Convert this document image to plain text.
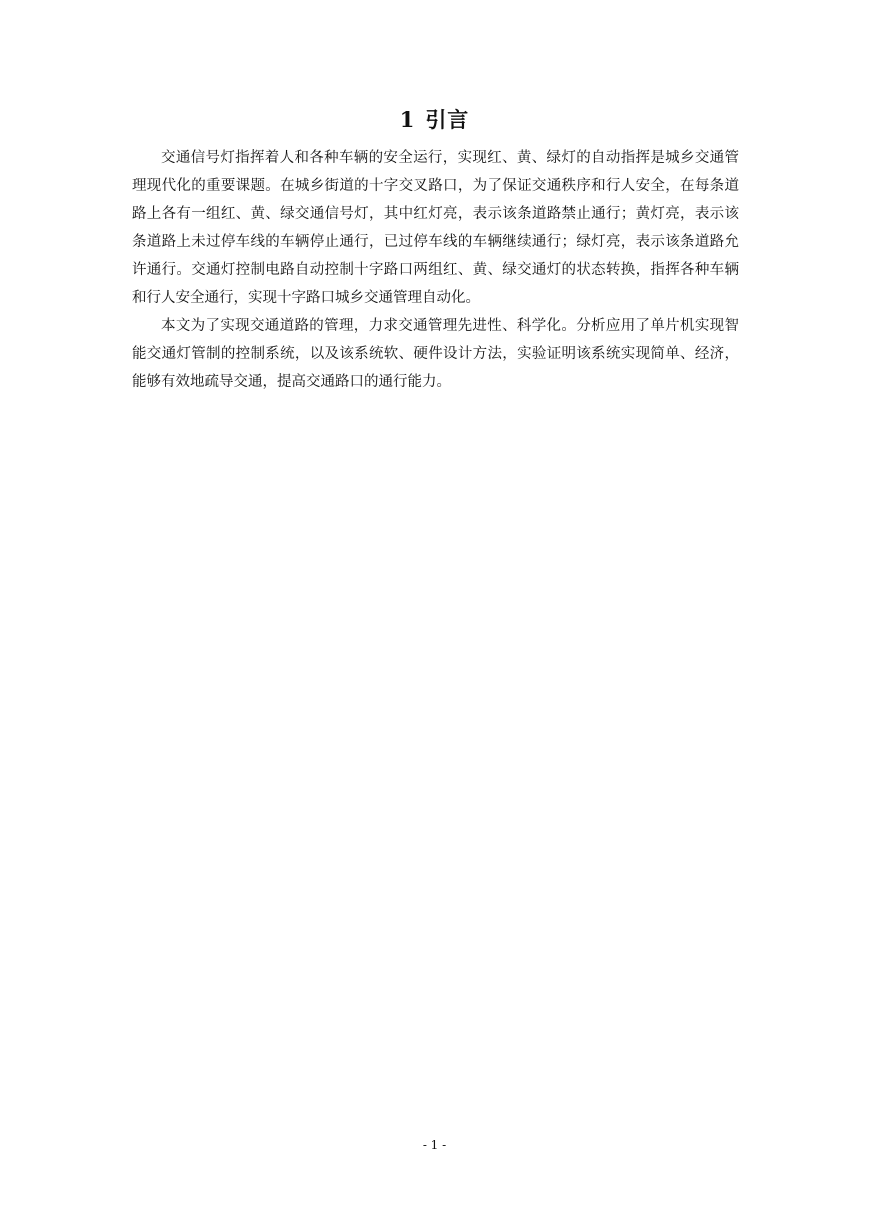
1 引言

交通信号灯指挥着人和各种车辆的安全运行，实现红、黄、绿灯的自动指挥是城乡交通管理现代化的重要课题。在城乡街道的十字交叉路口，为了保证交通秩序和行人安全，在每条道路上各有一组红、黄、绿交通信号灯，其中红灯亮，表示该条道路禁止通行；黄灯亮，表示该条道路上未过停车线的车辆停止通行，已过停车线的车辆继续通行；绿灯亮，表示该条道路允许通行。交通灯控制电路自动控制十字路口两组红、黄、绿交通灯的状态转换，指挥各种车辆和行人安全通行，实现十字路口城乡交通管理自动化。

本文为了实现交通道路的管理，力求交通管理先进性、科学化。分析应用了单片机实现智能交通灯管制的控制系统，以及该系统软、硬件设计方法，实验证明该系统实现简单、经济，能够有效地疏导交通，提高交通路口的通行能力。

- 1 -
